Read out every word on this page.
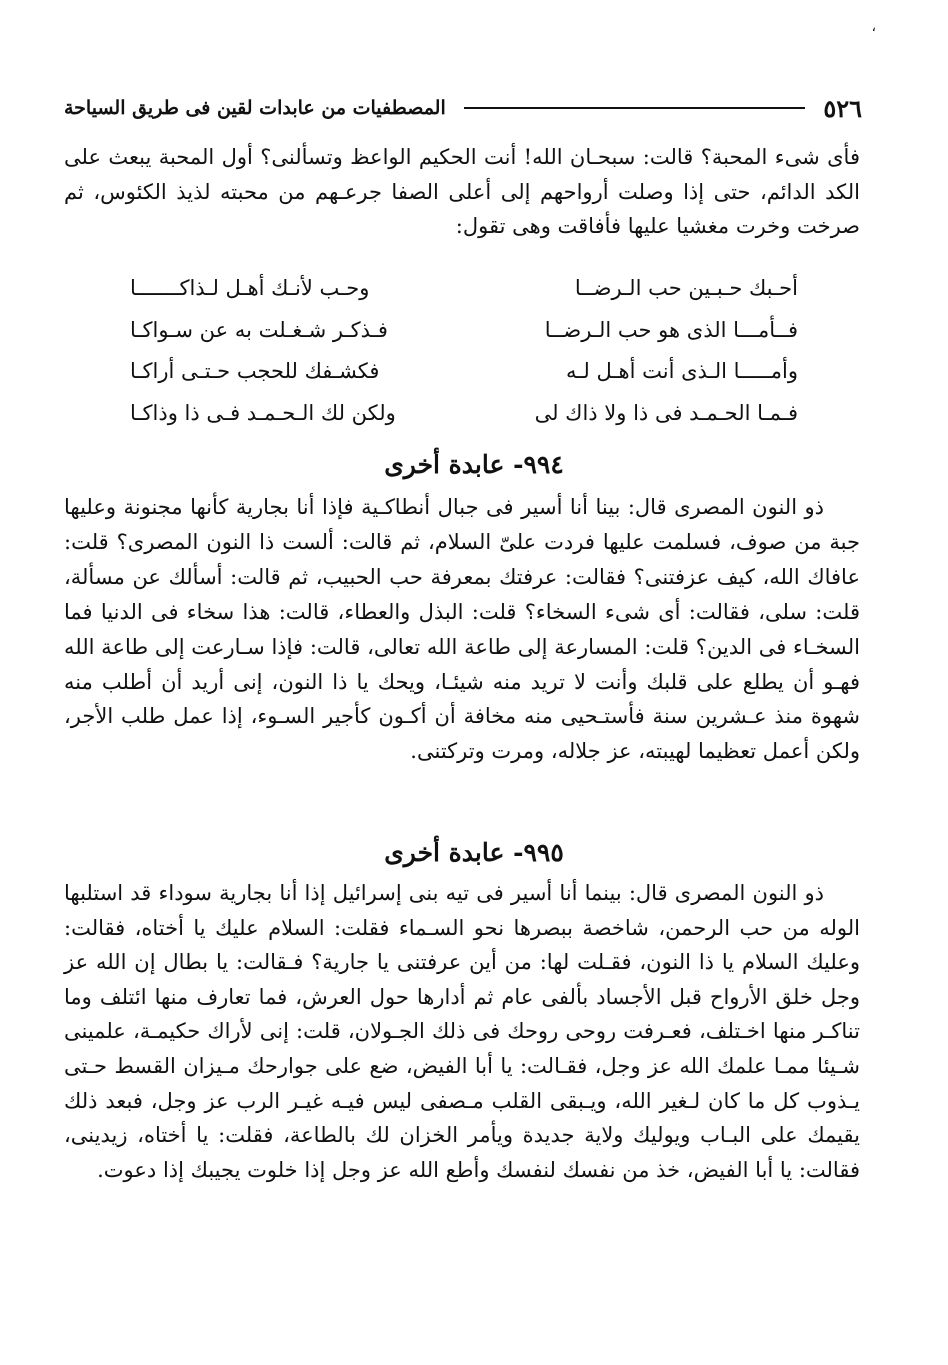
،
٥٢٦
المصطفيات من عابدات لقين فى طريق السياحة

فأى شىء المحبة؟ قالت: سبحـان الله! أنت الحكيم الواعظ وتسألنى؟ أول المحبة يبعث على الكد الدائم، حتى إذا وصلت أرواحهم إلى أعلى الصفا جرعـهم من محبته لذيذ الكئوس، ثم صرخت وخرت مغشيا عليها فأفاقت وهى تقول:

أحـبك حـبـين حب الـرضــا
وحـب لأنـك أهـل لـذاكـــــــا
فــأمـــا الذى هو حب الـرضــا
فـذكـر شـغـلت به عن سـواكـا
وأمـــــا الـذى أنت أهـل لـه
فكشـفك للحجب حـتـى أراكـا
فـمـا الحـمـد فى ذا ولا ذاك لى
ولكن لك الـحـمـد فـى ذا وذاكـا
٩٩٤- عابدة أخرى

ذو النون المصرى قال: بينا أنا أسير فى جبال أنطاكـية فإذا أنا بجارية كأنها مجنونة وعليها جبة من صوف، فسلمت عليها فردت علىّ السلام، ثم قالت: ألست ذا النون المصرى؟ قلت: عافاك الله، كيف عزفتنى؟ فقالت: عرفتك بمعرفة حب الحبيب، ثم قالت: أسألك عن مسألة، قلت: سلى، فقالت: أى شىء السخاء؟ قلت: البذل والعطاء، قالت: هذا سخاء فى الدنيا فما السخـاء فى الدين؟ قلت: المسارعة إلى طاعة الله تعالى، قالت: فإذا سـارعت إلى طاعة الله فهـو أن يطلع على قلبك وأنت لا تريد منه شيئـا، ويحك يا ذا النون، إنى أريد أن أطلب منه شهوة منذ عـشرين سنة فأستـحيى منه مخافة أن أكـون كأجير السـوء، إذا عمل طلب الأجر، ولكن أعمل تعظيما لهيبته، عز جلاله، ومرت وتركتنى.

٩٩٥- عابدة أخرى

ذو النون المصرى قال: بينما أنا أسير فى تيه بنى إسرائيل إذا أنا بجارية سوداء قد استلبها الوله من حب الرحمن، شاخصة ببصرها نحو السـماء فقلت: السلام عليك يا أختاه، فقالت: وعليك السلام يا ذا النون، فقـلت لها: من أين عرفتنى يا جارية؟ فـقالت: يا بطال إن الله عز وجل خلق الأرواح قبل الأجساد بألفى عام ثم أدارها حول العرش، فما تعارف منها ائتلف وما تناكـر منها اخـتلف، فعـرفت روحى روحك فى ذلك الجـولان، قلت: إنى لأراك حكيمـة، علمينى شـيئا ممـا علمك الله عز وجل، فقـالت: يا أبا الفيض، ضع على جوارحك مـيزان القسط حـتى يـذوب كل ما كان لـغير الله، ويـبقى القلب مـصفى ليس فيـه غيـر الرب عز وجل، فبعد ذلك يقيمك على البـاب ويوليك ولاية جديدة ويأمر الخزان لك بالطاعة، فقلت: يا أختاه، زيدينى، فقالت: يا أبا الفيض، خذ من نفسك لنفسك وأطع الله عز وجل إذا خلوت يجيبك إذا دعوت.
